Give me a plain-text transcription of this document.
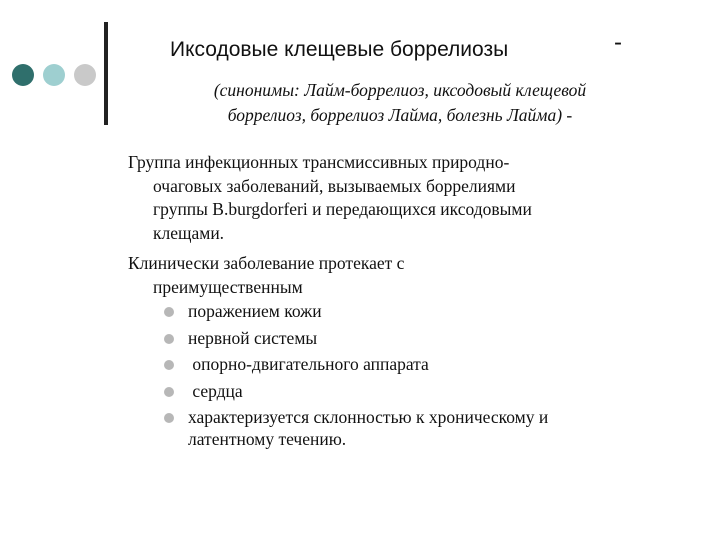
Иксодовые клещевые боррелиозы	-
(синонимы: Лайм-боррелиоз, иксодовый клещевой
боррелиоз, боррелиоз Лайма, болезнь Лайма) -
Группа инфекционных трансмиссивных природно-
очаговых заболеваний, вызываемых боррелиями
группы B.burgdorferi и передающихся иксодовыми
клещами.
Клинически заболевание протекает с
преимущественным
поражением кожи
нервной системы
опорно-двигательного аппарата
сердца
характеризуется склонностью к хроническому и
латентному течению.
